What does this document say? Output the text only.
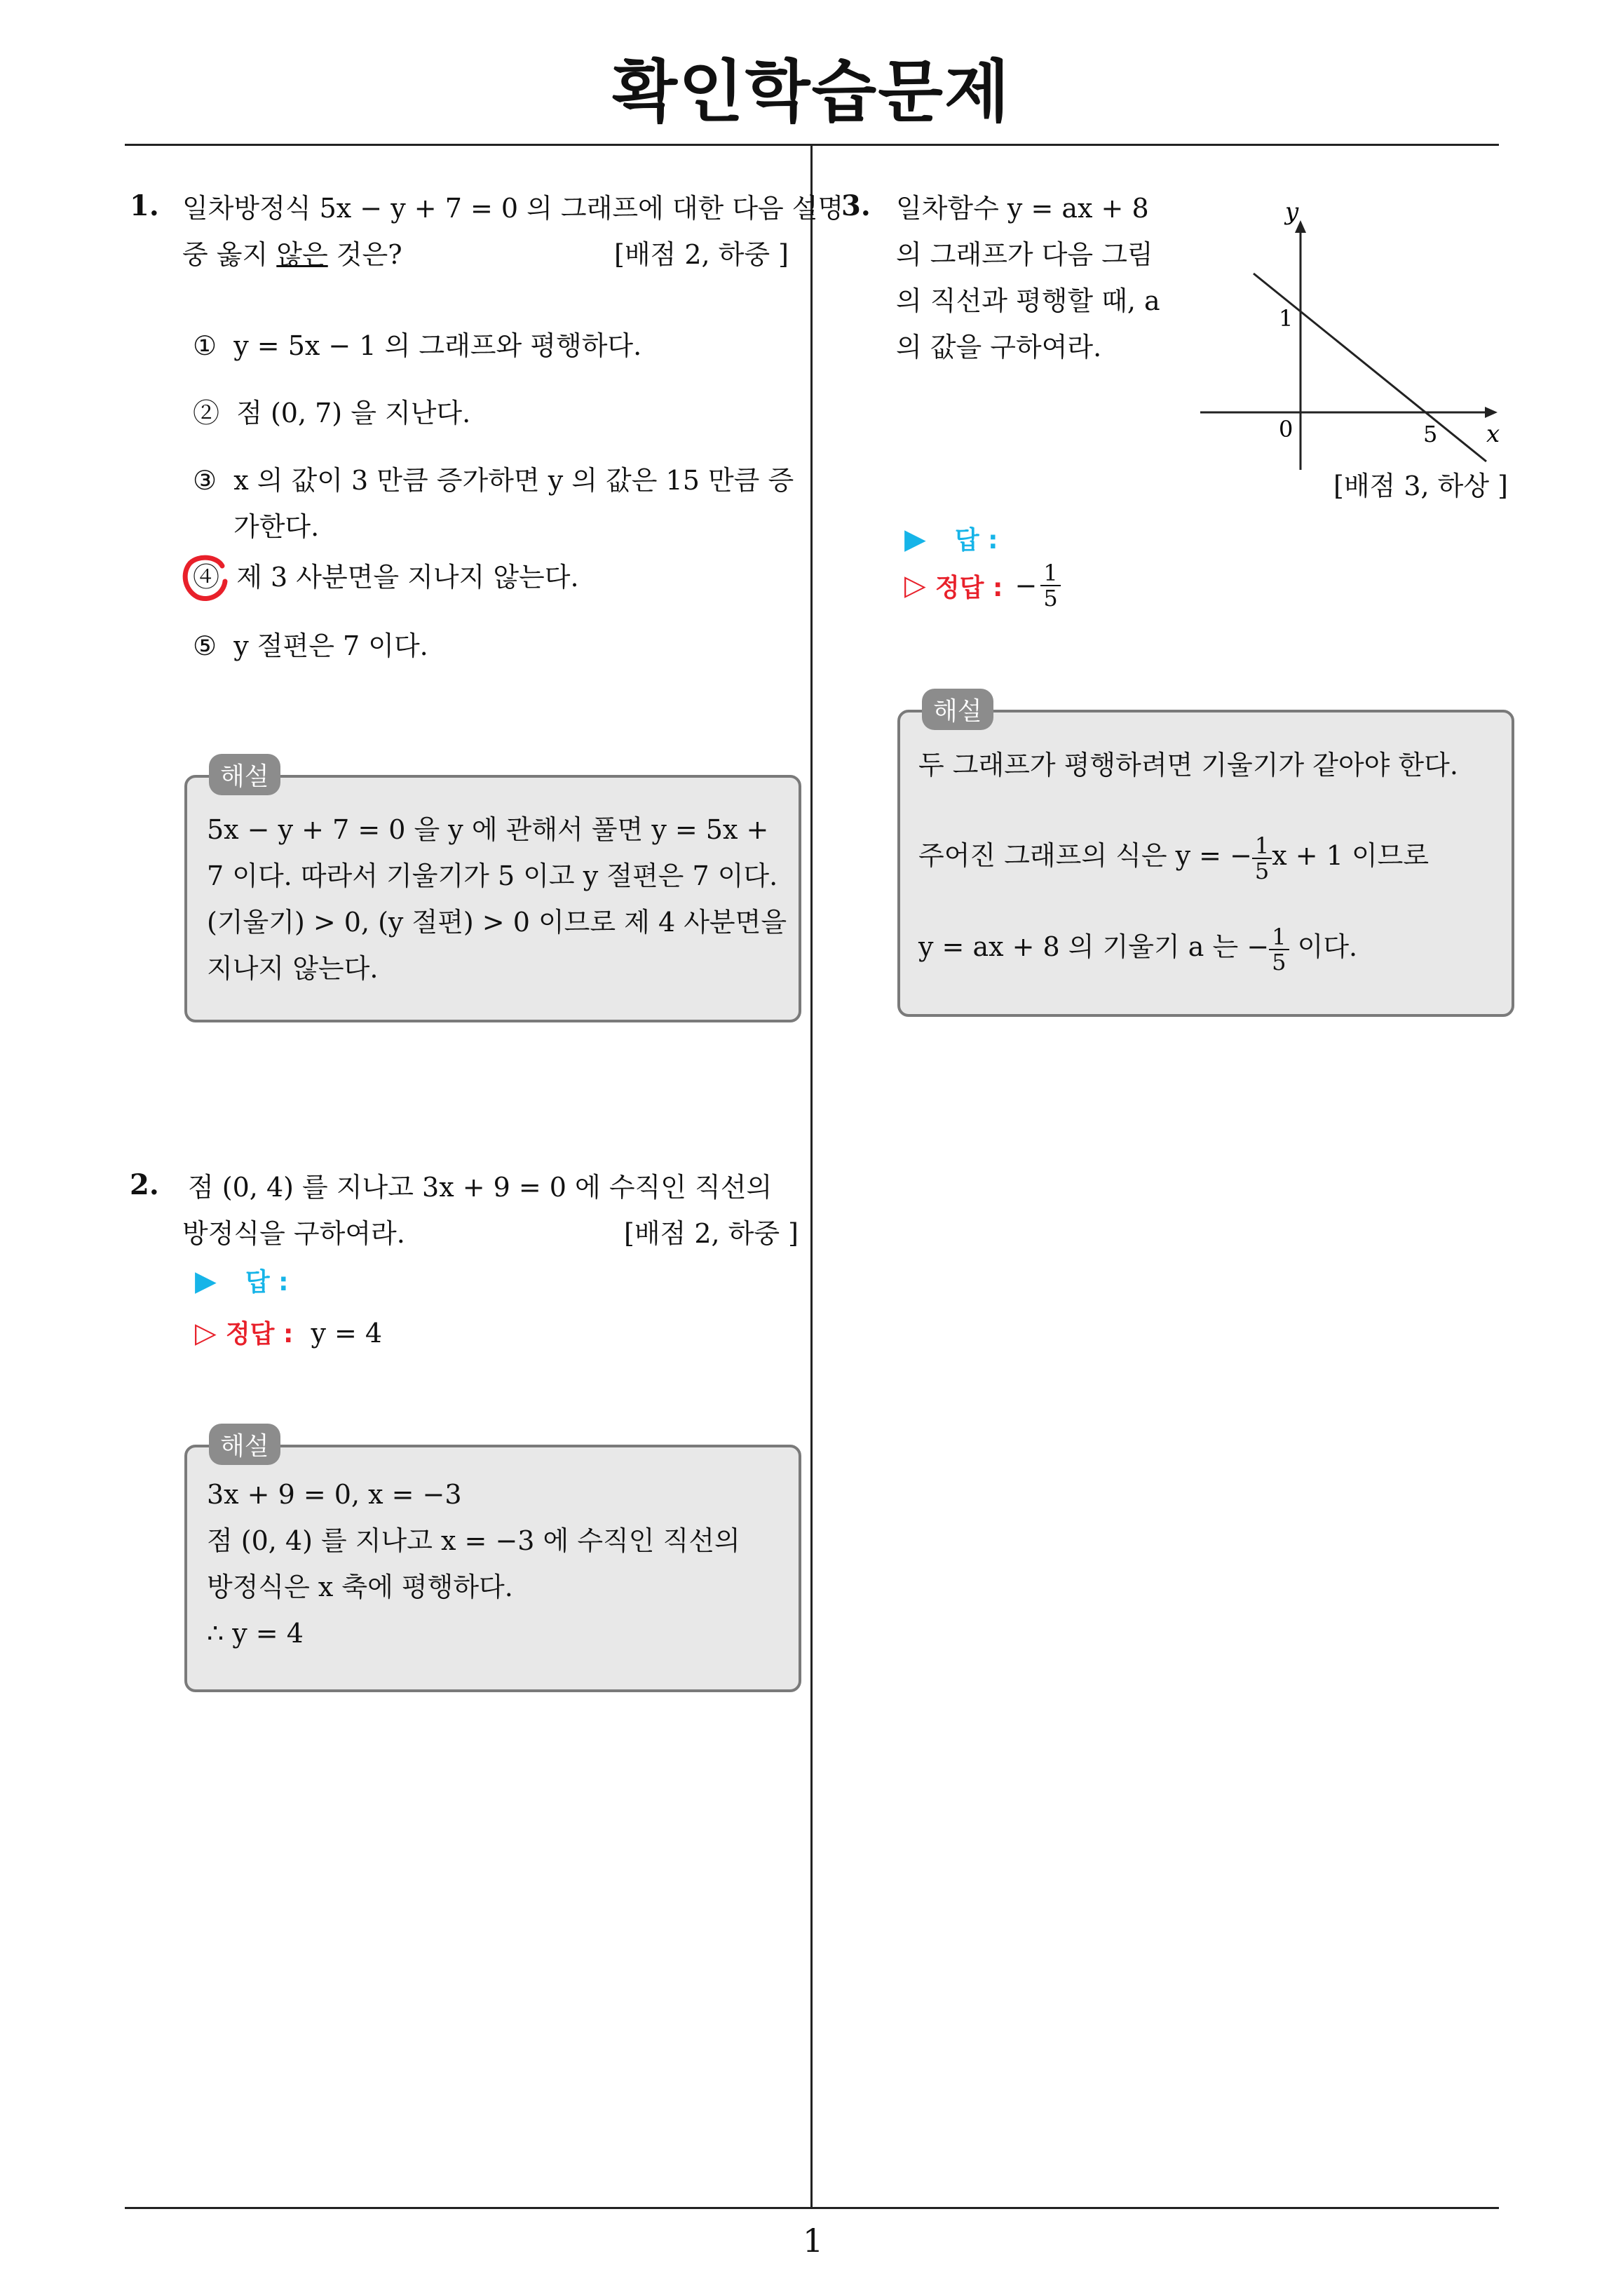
확인학습문제
1
1. 일차방정식 5x − y + 7 = 0 의 그래프에 대한 다음 설명
중 옳지 않은 것은?	[배점 2, 하중 ]
① y = 5x − 1 의 그래프와 평행하다.
② 점 (0, 7) 을 지난다.
③ x 의 값이 3 만큼 증가하면 y 의 값은 15 만큼 증
가한다.
④ 제 3 사분면을 지나지 않는다.
⑤ y 절편은 7 이다.
해설
5x − y + 7 = 0 을 y 에 관해서 풀면 y = 5x +
7 이다. 따라서 기울기가 5 이고 y 절편은 7 이다.
(기울기) > 0, (y 절편) > 0 이므로 제 4 사분면을
지나지 않는다.
2. 점 (0, 4) 를 지나고 3x + 9 = 0 에 수직인 직선의
방정식을 구하여라.	[배점 2, 하중 ]
▶ 답 :
▷ 정답 : y = 4
해설
3x + 9 = 0, x = −3
점 (0, 4) 를 지나고 x = −3 에 수직인 직선의
방정식은 x 축에 평행하다.
∴ y = 4
3. 일차함수 y = ax + 8
의 그래프가 다음 그림
의 직선과 평행할 때, a
의 값을 구하여라.
y
x
0
1
5
[배점 3, 하상 ]
▶ 답 :
▷ 정답 : − $\frac{1}{5}$
해설
두 그래프가 평행하려면 기울기가 같아야 한다.
주어진 그래프의 식은 y = − $\frac{1}{5}$ x + 1 이므로
y = ax + 8 의 기울기 a 는 − $\frac{1}{5}$ 이다.
